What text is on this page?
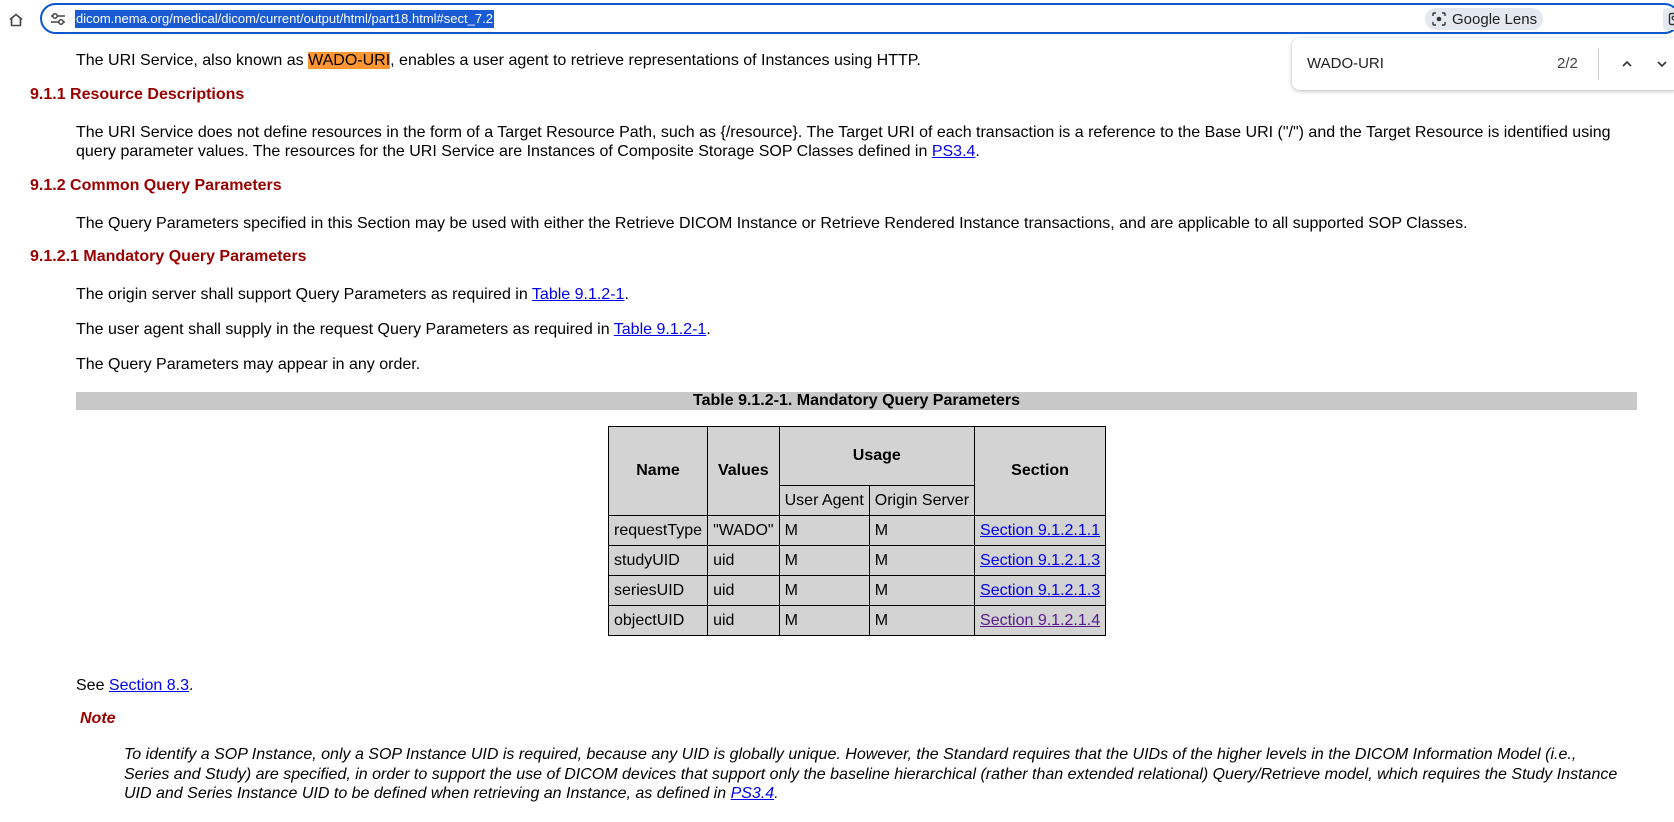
dicom.nema.org/medical/dicom/current/output/html/part18.html#sect_7.2	Google Lens
WADO-URI	2/2
The URI Service, also known as WADO-URI, enables a user agent to retrieve representations of Instances using HTTP.
9.1.1 Resource Descriptions
The URI Service does not define resources in the form of a Target Resource Path, such as {/resource}. The Target URI of each transaction is a reference to the Base URI ("/") and the Target Resource is identified using query parameter values. The resources for the URI Service are Instances of Composite Storage SOP Classes defined in PS3.4.
9.1.2 Common Query Parameters
The Query Parameters specified in this Section may be used with either the Retrieve DICOM Instance or Retrieve Rendered Instance transactions, and are applicable to all supported SOP Classes.
9.1.2.1 Mandatory Query Parameters
The origin server shall support Query Parameters as required in Table 9.1.2-1.
The user agent shall supply in the request Query Parameters as required in Table 9.1.2-1.
The Query Parameters may appear in any order.
Table 9.1.2-1. Mandatory Query Parameters
Name	Values	Usage		Section
		User Agent	Origin Server	
requestType	"WADO"	M	M	Section 9.1.2.1.1
studyUID	uid	M	M	Section 9.1.2.1.3
seriesUID	uid	M	M	Section 9.1.2.1.3
objectUID	uid	M	M	Section 9.1.2.1.4
See Section 8.3.
Note
To identify a SOP Instance, only a SOP Instance UID is required, because any UID is globally unique. However, the Standard requires that the UIDs of the higher levels in the DICOM Information Model (i.e., Series and Study) are specified, in order to support the use of DICOM devices that support only the baseline hierarchical (rather than extended relational) Query/Retrieve model, which requires the Study Instance UID and Series Instance UID to be defined when retrieving an Instance, as defined in PS3.4.
